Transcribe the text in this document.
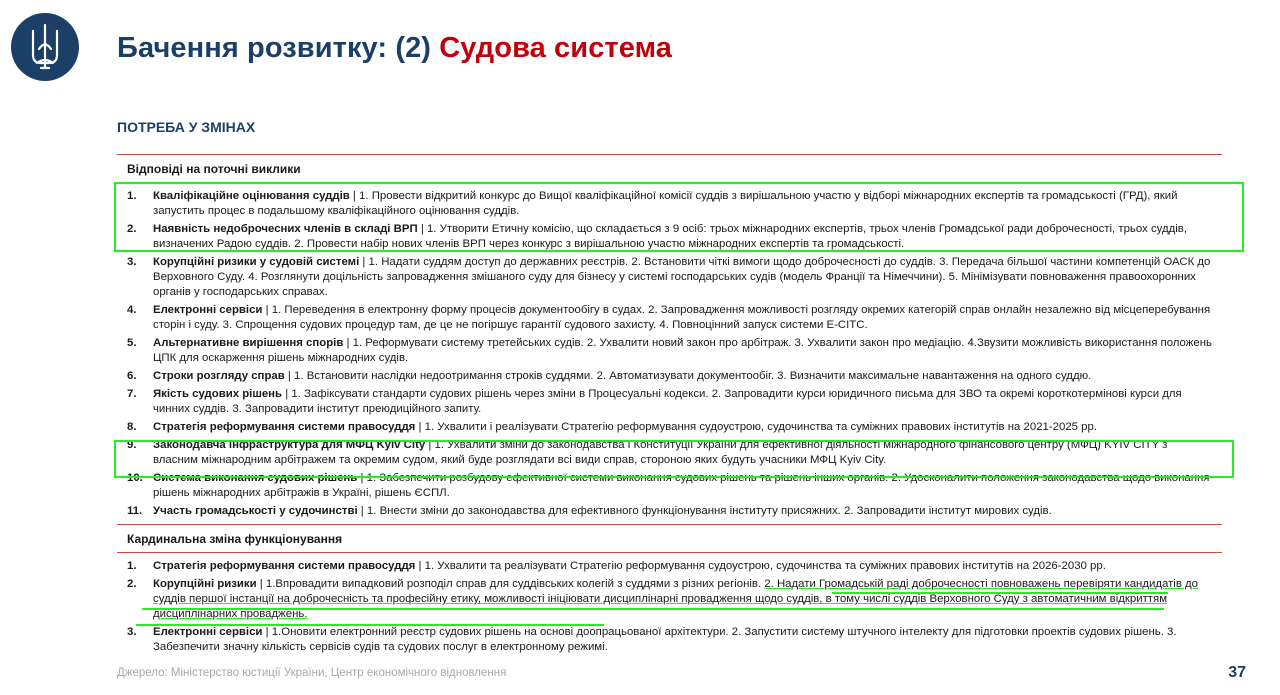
Бачення розвитку: (2) Судова система
ПОТРЕБА У ЗМІНАХ
Відповіді на поточні виклики
1. Кваліфікаційне оцінювання суддів | 1. Провести відкритий конкурс до Вищої кваліфікаційної комісії суддів з вирішальною участю у відборі міжнародних експертів та громадськості (ГРД), який запустить процес в подальшому кваліфікаційного оцінювання суддів.
2. Наявність недоброчесних членів в складі ВРП | 1. Утворити Етичну комісію, що складається з 9 осіб: трьох міжнародних експертів, трьох членів Громадської ради доброчесності, трьох суддів, визначених Радою суддів. 2. Провести набір нових членів ВРП через конкурс з вирішальною участю міжнародних експертів та громадськості.
3. Корупційні ризики у судовій системі | 1. Надати суддям доступ до державних реєстрів. 2. Встановити чіткі вимоги щодо доброчесності до суддів. 3. Передача більшої частини компетенцій ОАСК до Верховного Суду. 4. Розглянути доцільність запровадження змішаного суду для бізнесу у системі господарських судів (модель Франції та Німеччини). 5. Мінімізувати повноваження правоохоронних органів у господарських справах.
4. Електронні сервіси | 1. Переведення в електронну форму процесів документообігу в судах. 2. Запровадження можливості розгляду окремих категорій справ онлайн незалежно від місцеперебування сторін і суду. 3. Спрощення судових процедур там, де це не погіршує гарантії судового захисту. 4. Повноцінний запуск системи Е-СІТС.
5. Альтернативне вирішення спорів | 1. Реформувати систему третейських судів. 2. Ухвалити новий закон про арбітраж. 3. Ухвалити закон про медіацію. 4.Звузити можливість використання положень ЦПК для оскарження рішень міжнародних судів.
6. Строки розгляду справ | 1. Встановити наслідки недоотримання строків суддями. 2. Автоматизувати документообіг. 3. Визначити максимальне навантаження на одного суддю.
7. Якість судових рішень | 1. Зафіксувати стандарти судових рішень через зміни в Процесуальні кодекси. 2. Запровадити курси юридичного письма для ЗВО та окремі короткотермінові курси для чинних суддів. 3. Запровадити інститут преюдиційного запиту.
8. Стратегія реформування системи правосуддя | 1. Ухвалити і реалізувати Стратегію реформування судоустрою, судочинства та суміжних правових інститутів на 2021-2025 рр.
9. Законодавча інфраструктура для МФЦ Kyiv City | 1. Ухвалити зміни до законодавства і Конституції України для ефективної діяльності міжнародного фінансового центру (МФЦ) KYIV CITY з власним міжнародним арбітражем та окремим судом, який буде розглядати всі види справ, стороною яких будуть учасники МФЦ Kyiv City.
10. Система виконання судових рішень | 1. Забезпечити розбудову ефективної системи виконання судових рішень та рішень інших органів. 2. Удосконалити положення законодавства щодо виконання рішень міжнародних арбітражів в Україні, рішень ЄСПЛ.
11. Участь громадськості у судочинстві | 1. Внести зміни до законодавства для ефективного функціонування інституту присяжних. 2. Запровадити інститут мирових судів.
Кардинальна зміна функціонування
1. Стратегія реформування системи правосуддя | 1. Ухвалити та реалізувати Стратегію реформування судоустрою, судочинства та суміжних правових інститутів на 2026-2030 рр.
2. Корупційні ризики | 1.Впровадити випадковий розподіл справ для суддівських колегій з суддями з різних регіонів. 2. Надати Громадській раді доброчесності повноважень перевіряти кандидатів до суддів першої інстанції на доброчесність та професійну етику, можливості ініціювати дисциплінарні провадження щодо суддів, в тому числі суддів Верховного Суду з автоматичним відкриттям дисциплінарних проваджень.
3. Електронні сервіси | 1.Оновити електронний реєстр судових рішень на основі доопрацьованої архітектури. 2. Запустити систему штучного інтелекту для підготовки проектів судових рішень. 3. Забезпечити значну кількість сервісів судів та судових послуг в електронному режимі.
Джерело: Міністерство юстиції України, Центр економічного відновлення	37
